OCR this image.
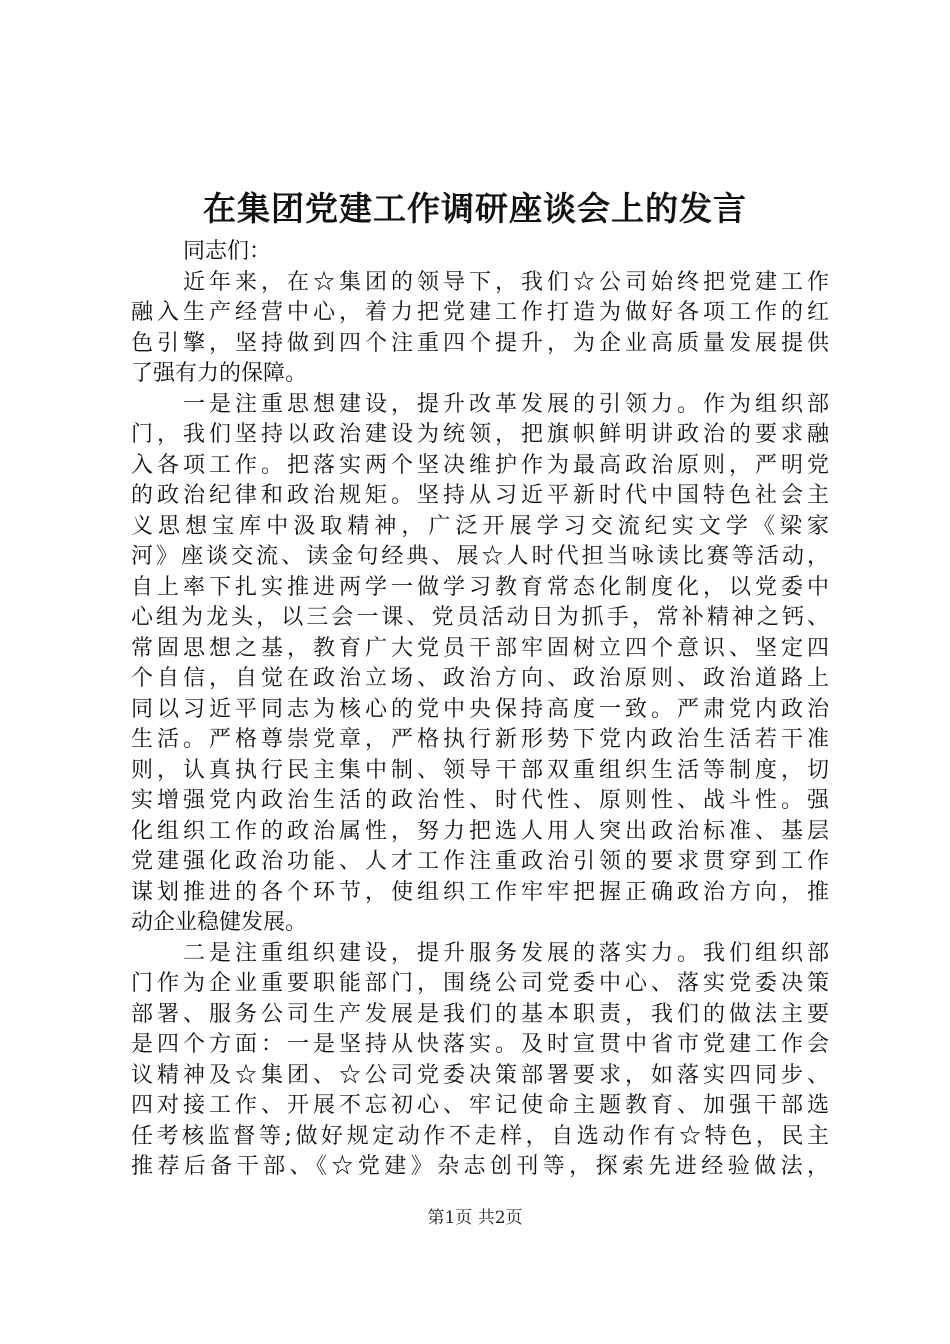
在集团党建工作调研座谈会上的发言
同志们：
近年来，在☆集团的领导下，我们☆公司始终把党建工作
融入生产经营中心，着力把党建工作打造为做好各项工作的红
色引擎，坚持做到四个注重四个提升，为企业高质量发展提供
了强有力的保障。
一是注重思想建设，提升改革发展的引领力。作为组织部
门，我们坚持以政治建设为统领，把旗帜鲜明讲政治的要求融
入各项工作。把落实两个坚决维护作为最高政治原则，严明党
的政治纪律和政治规矩。坚持从习近平新时代中国特色社会主
义思想宝库中汲取精神，广泛开展学习交流纪实文学《梁家
河》座谈交流、读金句经典、展☆人时代担当咏读比赛等活动，
自上率下扎实推进两学一做学习教育常态化制度化，以党委中
心组为龙头，以三会一课、党员活动日为抓手，常补精神之钙、
常固思想之基，教育广大党员干部牢固树立四个意识、坚定四
个自信，自觉在政治立场、政治方向、政治原则、政治道路上
同以习近平同志为核心的党中央保持高度一致。严肃党内政治
生活。严格尊崇党章，严格执行新形势下党内政治生活若干准
则，认真执行民主集中制、领导干部双重组织生活等制度，切
实增强党内政治生活的政治性、时代性、原则性、战斗性。强
化组织工作的政治属性，努力把选人用人突出政治标准、基层
党建强化政治功能、人才工作注重政治引领的要求贯穿到工作
谋划推进的各个环节，使组织工作牢牢把握正确政治方向，推
动企业稳健发展。
二是注重组织建设，提升服务发展的落实力。我们组织部
门作为企业重要职能部门，围绕公司党委中心、落实党委决策
部署、服务公司生产发展是我们的基本职责，我们的做法主要
是四个方面：一是坚持从快落实。及时宣贯中省市党建工作会
议精神及☆集团、☆公司党委决策部署要求，如落实四同步、
四对接工作、开展不忘初心、牢记使命主题教育、加强干部选
任考核监督等;做好规定动作不走样，自选动作有☆特色，民主
推荐后备干部、《☆党建》杂志创刊等，探索先进经验做法，
第1页 共2页
